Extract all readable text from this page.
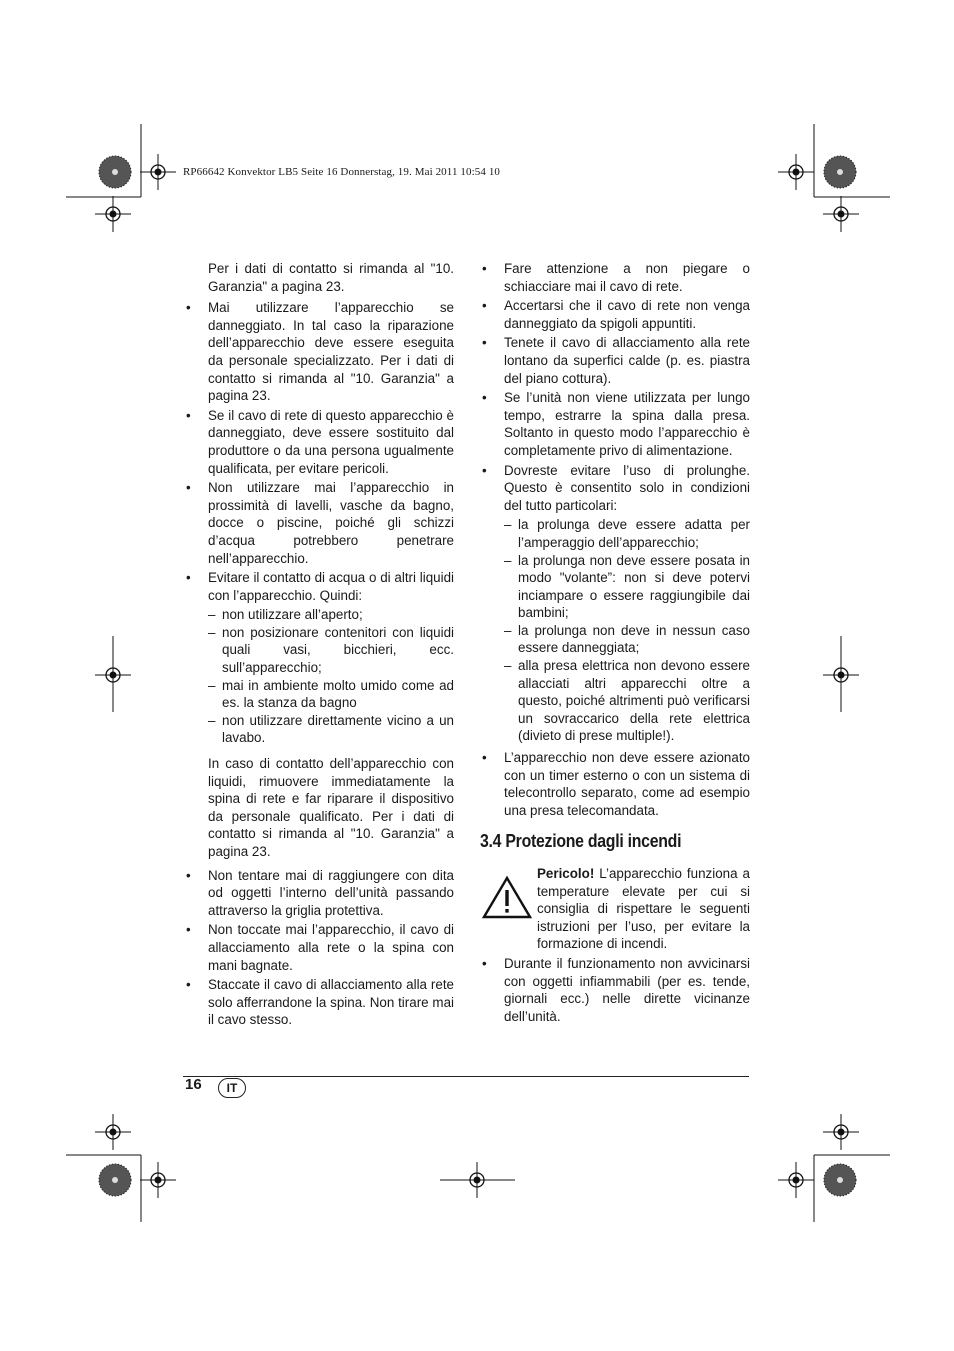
RP66642 Konvektor LB5 Seite 16 Donnerstag, 19. Mai 2011 10:54 10

Per i dati di contatto si rimanda al "10. Garanzia" a pagina 23.

•	Mai utilizzare l’apparecchio se danneggiato. In tal caso la riparazione dell’apparecchio deve essere eseguita da personale specializzato. Per i dati di contatto si rimanda al "10. Garanzia" a pagina 23.
•	Se il cavo di rete di questo apparecchio è danneggiato, deve essere sostituito dal produttore o da una persona ugualmente qualificata, per evitare pericoli.
•	Non utilizzare mai l’apparecchio in prossimità di lavelli, vasche da bagno, docce o piscine, poiché gli schizzi d’acqua potrebbero penetrare nell’apparecchio.
•	Evitare il contatto di acqua o di altri liquidi con l’apparecchio. Quindi:
– non utilizzare all’aperto;
– non posizionare contenitori con liquidi quali vasi, bicchieri, ecc. sull’apparecchio;
– mai in ambiente molto umido come ad es. la stanza da bagno
– non utilizzare direttamente vicino a un lavabo.

In caso di contatto dell’apparecchio con liquidi, rimuovere immediatamente la spina di rete e far riparare il dispositivo da personale qualificato. Per i dati di contatto si rimanda al "10. Garanzia" a pagina 23.

•	Non tentare mai di raggiungere con dita od oggetti l’interno dell’unità passando attraverso la griglia protettiva.
•	Non toccate mai l’apparecchio, il cavo di allacciamento alla rete o la spina con mani bagnate.
•	Staccate il cavo di allacciamento alla rete solo afferrandone la spina. Non tirare mai il cavo stesso.
•	Fare attenzione a non piegare o schiacciare mai il cavo di rete.
•	Accertarsi che il cavo di rete non venga danneggiato da spigoli appuntiti.
•	Tenete il cavo di allacciamento alla rete lontano da superfici calde (p. es. piastra del piano cottura).
•	Se l’unità non viene utilizzata per lungo tempo, estrarre la spina dalla presa. Soltanto in questo modo l’apparecchio è completamente privo di alimentazione.
•	Dovreste evitare l’uso di prolunghe. Questo è consentito solo in condizioni del tutto particolari:
– la prolunga deve essere adatta per l’amperaggio dell’apparecchio;
– la prolunga non deve essere posata in modo "volante”: non si deve potervi inciampare o essere raggiungibile dai bambini;
– la prolunga non deve in nessun caso essere danneggiata;
– alla presa elettrica non devono essere allacciati altri apparecchi oltre a questo, poiché altrimenti può verificarsi un sovraccarico della rete elettrica (divieto di prese multiple!).
•	L’apparecchio non deve essere azionato con un timer esterno o con un sistema di telecontrollo separato, come ad esempio una presa telecomandata.
3.4 Protezione dagli incendi
Pericolo! L’apparecchio funziona a temperature elevate per cui si consiglia di rispettare le seguenti istruzioni per l’uso, per evitare la formazione di incendi.
•	Durante il funzionamento non avvicinarsi con oggetti infiammabili (per es. tende, giornali ecc.) nelle dirette vicinanze dell’unità.
16	IT
